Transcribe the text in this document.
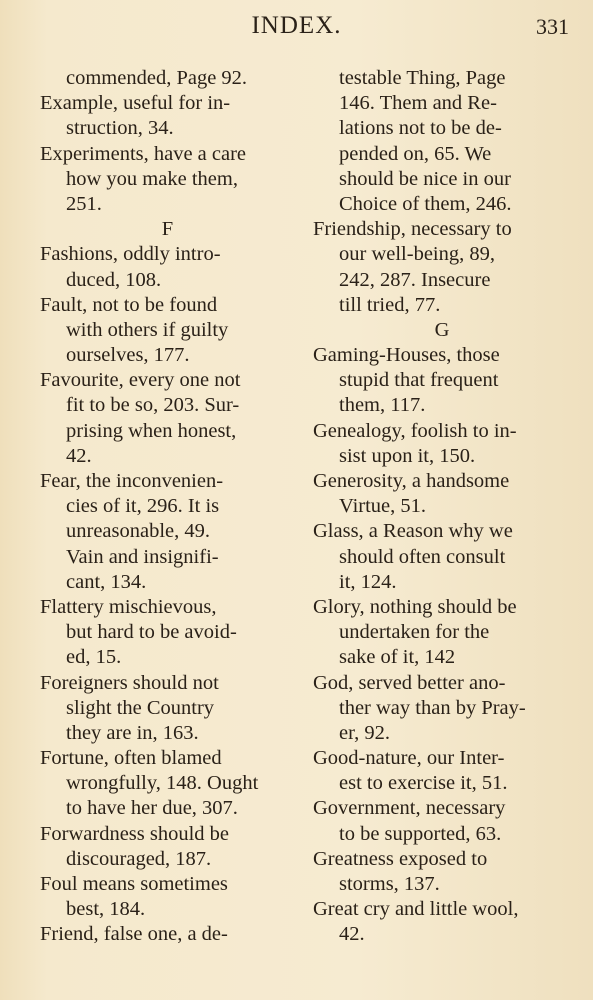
INDEX.	331
commended, Page 92.
Example, useful for in-
struction, 34.
Experiments, have a care
how you make them,
251.
F
Fashions, oddly intro-
duced, 108.
Fault, not to be found
with others if guilty
ourselves, 177.
Favourite, every one not
fit to be so, 203. Sur-
prising when honest,
42.
Fear, the inconvenien-
cies of it, 296. It is
unreasonable, 49.
Vain and insignifi-
cant, 134.
Flattery mischievous,
but hard to be avoid-
ed, 15.
Foreigners should not
slight the Country
they are in, 163.
Fortune, often blamed
wrongfully, 148. Ought
to have her due, 307.
Forwardness should be
discouraged, 187.
Foul means sometimes
best, 184.
Friend, false one, a de-
testable Thing, Page
146. Them and Re-
lations not to be de-
pended on, 65. We
should be nice in our
Choice of them, 246.
Friendship, necessary to
our well-being, 89,
242, 287. Insecure
till tried, 77.
G
Gaming-Houses, those
stupid that frequent
them, 117.
Genealogy, foolish to in-
sist upon it, 150.
Generosity, a handsome
Virtue, 51.
Glass, a Reason why we
should often consult
it, 124.
Glory, nothing should be
undertaken for the
sake of it, 142
God, served better ano-
ther way than by Pray-
er, 92.
Good-nature, our Inter-
est to exercise it, 51.
Government, necessary
to be supported, 63.
Greatness exposed to
storms, 137.
Great cry and little wool,
42.
